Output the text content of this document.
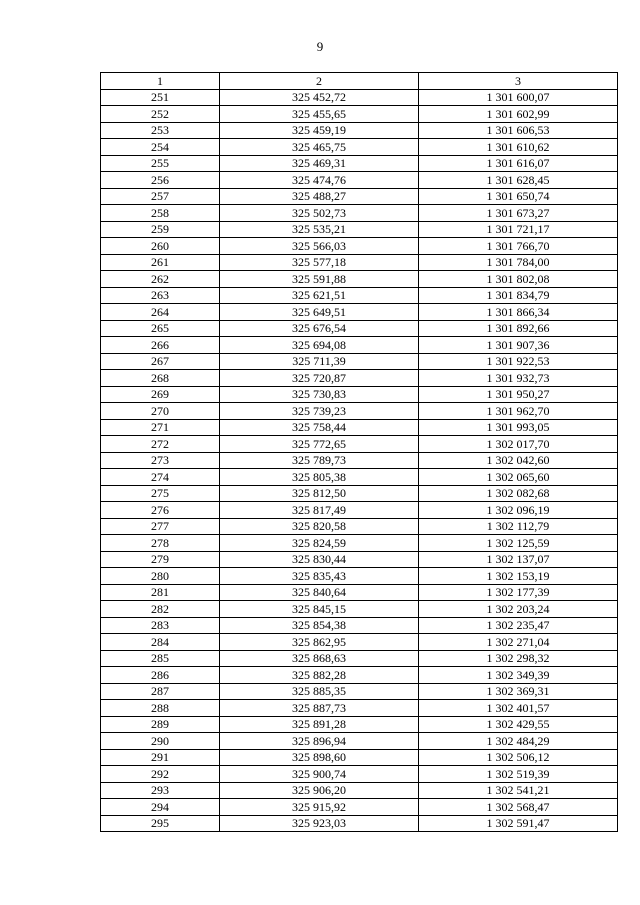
9
1	2	3
251	325 452,72	1 301 600,07
252	325 455,65	1 301 602,99
253	325 459,19	1 301 606,53
254	325 465,75	1 301 610,62
255	325 469,31	1 301 616,07
256	325 474,76	1 301 628,45
257	325 488,27	1 301 650,74
258	325 502,73	1 301 673,27
259	325 535,21	1 301 721,17
260	325 566,03	1 301 766,70
261	325 577,18	1 301 784,00
262	325 591,88	1 301 802,08
263	325 621,51	1 301 834,79
264	325 649,51	1 301 866,34
265	325 676,54	1 301 892,66
266	325 694,08	1 301 907,36
267	325 711,39	1 301 922,53
268	325 720,87	1 301 932,73
269	325 730,83	1 301 950,27
270	325 739,23	1 301 962,70
271	325 758,44	1 301 993,05
272	325 772,65	1 302 017,70
273	325 789,73	1 302 042,60
274	325 805,38	1 302 065,60
275	325 812,50	1 302 082,68
276	325 817,49	1 302 096,19
277	325 820,58	1 302 112,79
278	325 824,59	1 302 125,59
279	325 830,44	1 302 137,07
280	325 835,43	1 302 153,19
281	325 840,64	1 302 177,39
282	325 845,15	1 302 203,24
283	325 854,38	1 302 235,47
284	325 862,95	1 302 271,04
285	325 868,63	1 302 298,32
286	325 882,28	1 302 349,39
287	325 885,35	1 302 369,31
288	325 887,73	1 302 401,57
289	325 891,28	1 302 429,55
290	325 896,94	1 302 484,29
291	325 898,60	1 302 506,12
292	325 900,74	1 302 519,39
293	325 906,20	1 302 541,21
294	325 915,92	1 302 568,47
295	325 923,03	1 302 591,47
